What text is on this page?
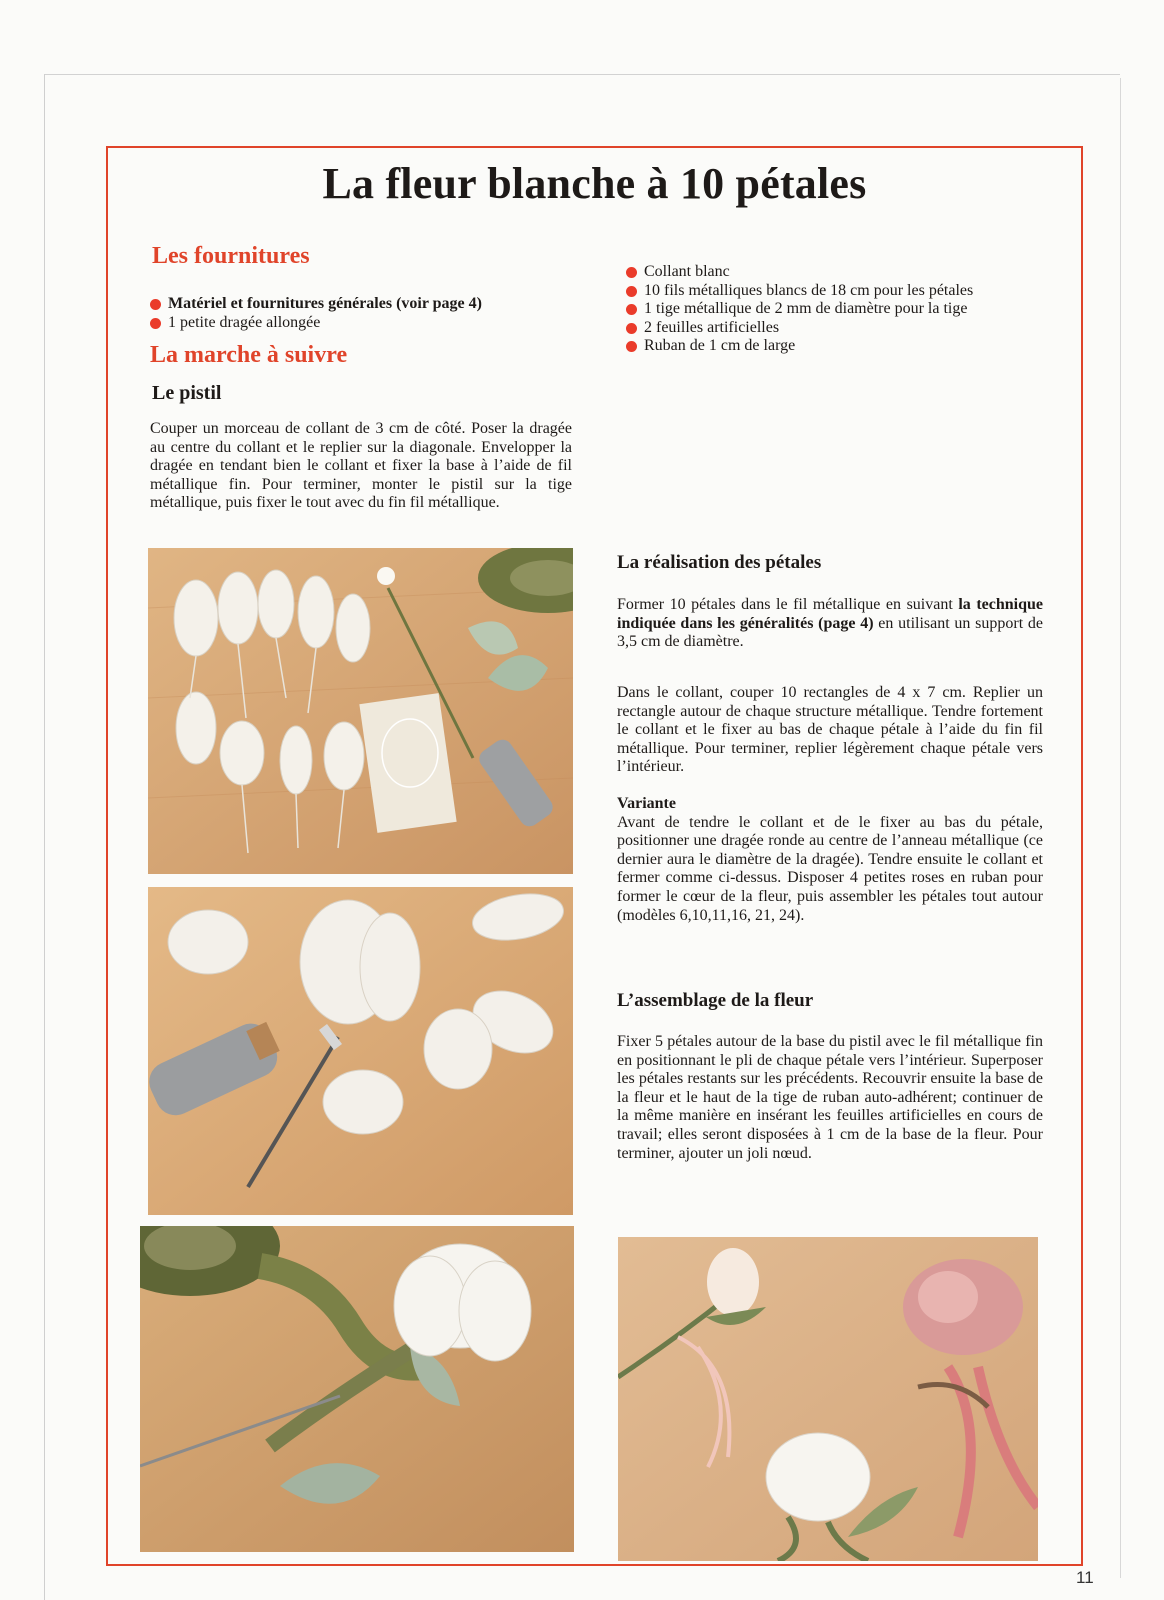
La fleur blanche à 10 pétales
Les fournitures
Matériel et fournitures générales (voir page 4)
1 petite dragée allongée
Collant blanc
10 fils métalliques blancs de 18 cm pour les pétales
1 tige métallique de 2 mm de diamètre pour la tige
2 feuilles artificielles
Ruban de 1 cm de large
La marche à suivre
Le pistil

Couper un morceau de collant de 3 cm de côté. Poser la dragée au centre du collant et le replier sur la diagonale. Envelopper la dragée en tendant bien le collant et fixer la base à l’aide de fil métallique fin. Pour terminer, monter le pistil sur la tige métallique, puis fixer le tout avec du fin fil métallique.

La réalisation des pétales

Former 10 pétales dans le fil métallique en suivant la technique indiquée dans les généralités (page 4) en utilisant un support de 3,5 cm de diamètre.

Dans le collant, couper 10 rectangles de 4 x 7 cm. Replier un rectangle autour de chaque structure métallique. Tendre fortement le collant et le fixer au bas de chaque pétale à l’aide du fin fil métallique. Pour terminer, replier légèrement chaque pétale vers l’intérieur.

Variante
Avant de tendre le collant et de le fixer au bas du pétale, positionner une dragée ronde au centre de l’anneau métallique (ce dernier aura le diamètre de la dragée). Tendre ensuite le collant et fermer comme ci-dessus. Disposer 4 petites roses en ruban pour former le cœur de la fleur, puis assembler les pétales tout autour (modèles 6,10,11,16, 21, 24).

L’assemblage de la fleur

Fixer 5 pétales autour de la base du pistil avec le fil métallique fin en positionnant le pli de chaque pétale vers l’intérieur. Superposer les pétales restants sur les précédents. Recouvrir ensuite la base de la fleur et le haut de la tige de ruban auto-adhérent; continuer de la même manière en insérant les feuilles artificielles en cours de travail; elles seront disposées à 1 cm de la base de la fleur. Pour terminer, ajouter un joli nœud.

11
